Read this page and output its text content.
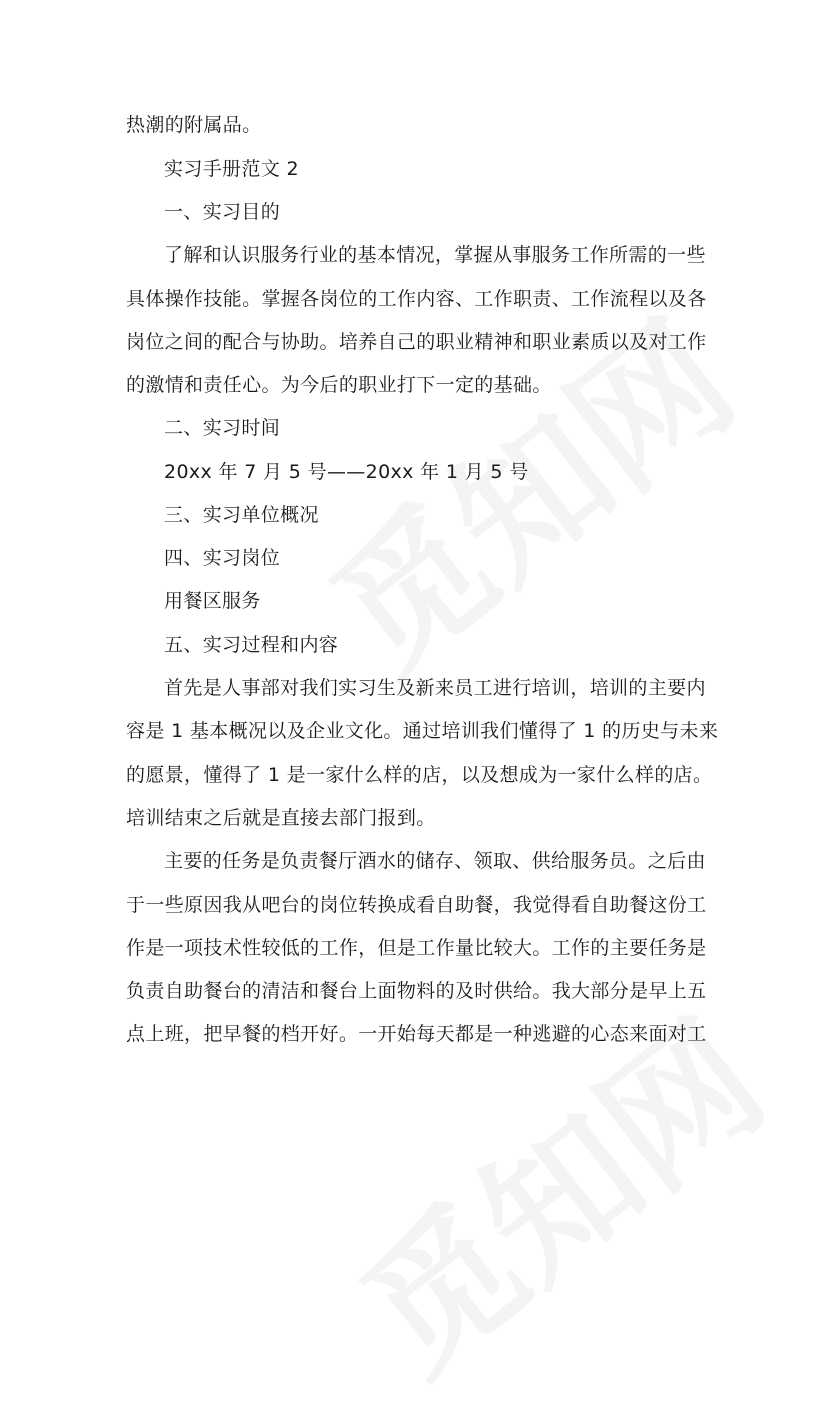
热潮的附属品。
实习手册范文 2
一、实习目的
了解和认识服务行业的基本情况，掌握从事服务工作所需的一些
具体操作技能。掌握各岗位的工作内容、工作职责、工作流程以及各
岗位之间的配合与协助。培养自己的职业精神和职业素质以及对工作
的激情和责任心。为今后的职业打下一定的基础。
二、实习时间
20xx 年 7 月 5 号——20xx 年 1 月 5 号
三、实习单位概况
四、实习岗位
用餐区服务
五、实习过程和内容
首先是人事部对我们实习生及新来员工进行培训，培训的主要内
容是 1 基本概况以及企业文化。通过培训我们懂得了 1 的历史与未来
的愿景，懂得了 1 是一家什么样的店，以及想成为一家什么样的店。
培训结束之后就是直接去部门报到。
主要的任务是负责餐厅酒水的储存、领取、供给服务员。之后由
于一些原因我从吧台的岗位转换成看自助餐，我觉得看自助餐这份工
作是一项技术性较低的工作，但是工作量比较大。工作的主要任务是
负责自助餐台的清洁和餐台上面物料的及时供给。我大部分是早上五
点上班，把早餐的档开好。一开始每天都是一种逃避的心态来面对工
